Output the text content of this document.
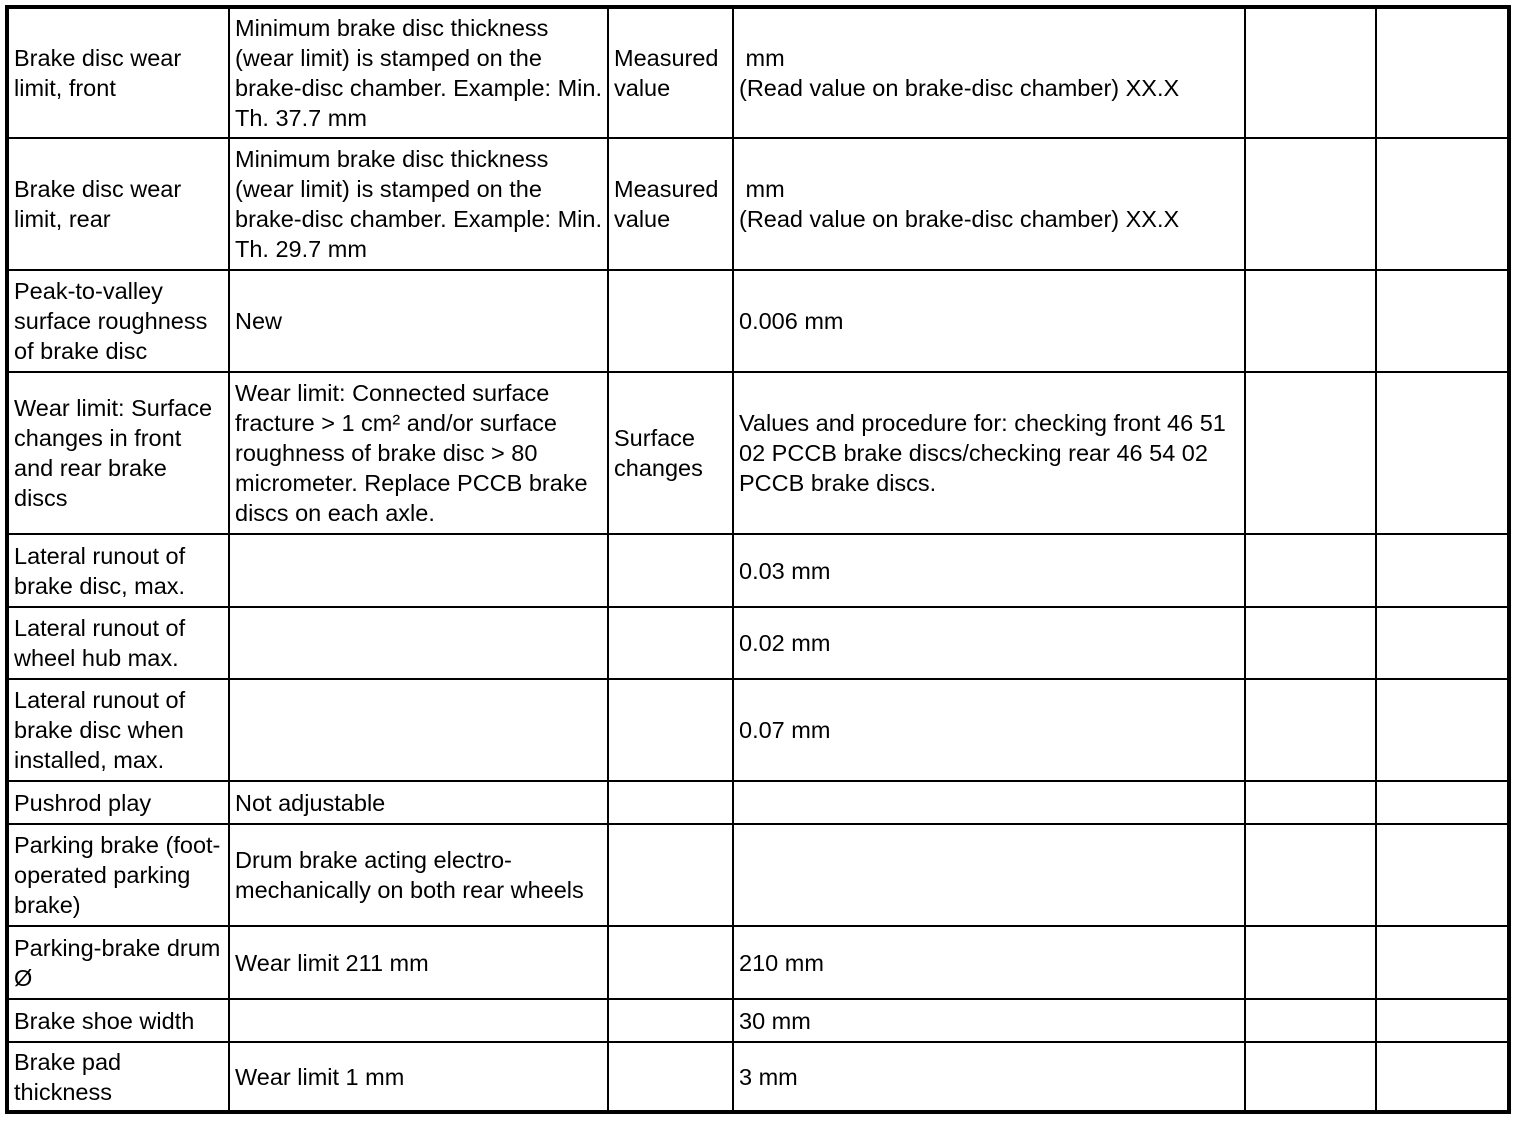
Brake disc wear limit, front	Minimum brake disc thickness (wear limit) is stamped on the brake-disc chamber. Example: Min. Th. 37.7 mm	Measured value	mm
(Read value on brake-disc chamber) XX.X		
Brake disc wear limit, rear	Minimum brake disc thickness (wear limit) is stamped on the brake-disc chamber. Example: Min. Th. 29.7 mm	Measured value	mm
(Read value on brake-disc chamber) XX.X		
Peak-to-valley surface roughness of brake disc	New		0.006 mm		
Wear limit: Surface changes in front and rear brake discs	Wear limit: Connected surface fracture > 1 cm² and/or surface roughness of brake disc > 80 micrometer. Replace PCCB brake discs on each axle.	Surface changes	Values and procedure for: checking front 46 51 02 PCCB brake discs/checking rear 46 54 02 PCCB brake discs.		
Lateral runout of brake disc, max.			0.03 mm		
Lateral runout of wheel hub max.			0.02 mm		
Lateral runout of brake disc when installed, max.			0.07 mm		
Pushrod play	Not adjustable				
Parking brake (foot-operated parking brake)	Drum brake acting electro-mechanically on both rear wheels				
Parking-brake drum Ø	Wear limit 211 mm		210 mm		
Brake shoe width			30 mm		
Brake pad thickness	Wear limit 1 mm		3 mm		
